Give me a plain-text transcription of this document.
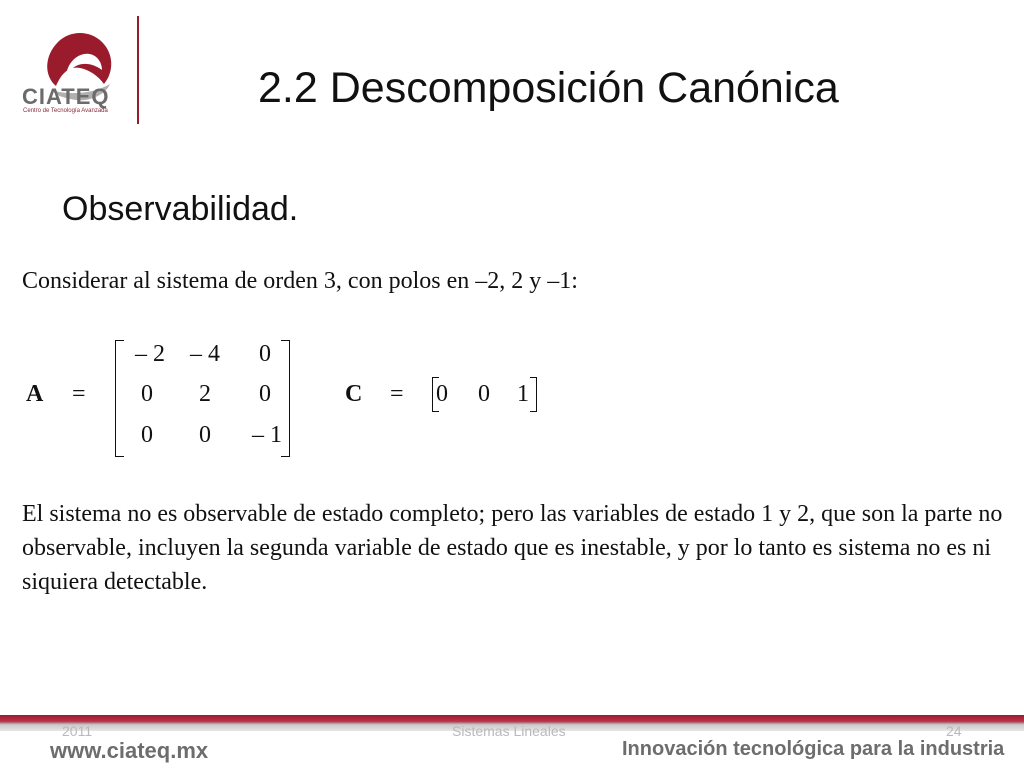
CIATEQ
Centro de Tecnología Avanzada	2.2 Descomposición Canónica
Observabilidad.
Considerar al sistema de orden 3, con polos en –2, 2 y –1:
A =
– 2	– 4	0
0	2	0
0	0	– 1
C =	0	0	1
El sistema no es observable de estado completo; pero las variables de estado 1 y 2, que son la parte no observable, incluyen la segunda variable de estado que es inestable, y por lo tanto es sistema no es ni siquiera detectable.
2011	Sistemas Lineales	24
www.ciateq.mx	Innovación tecnológica para la industria
